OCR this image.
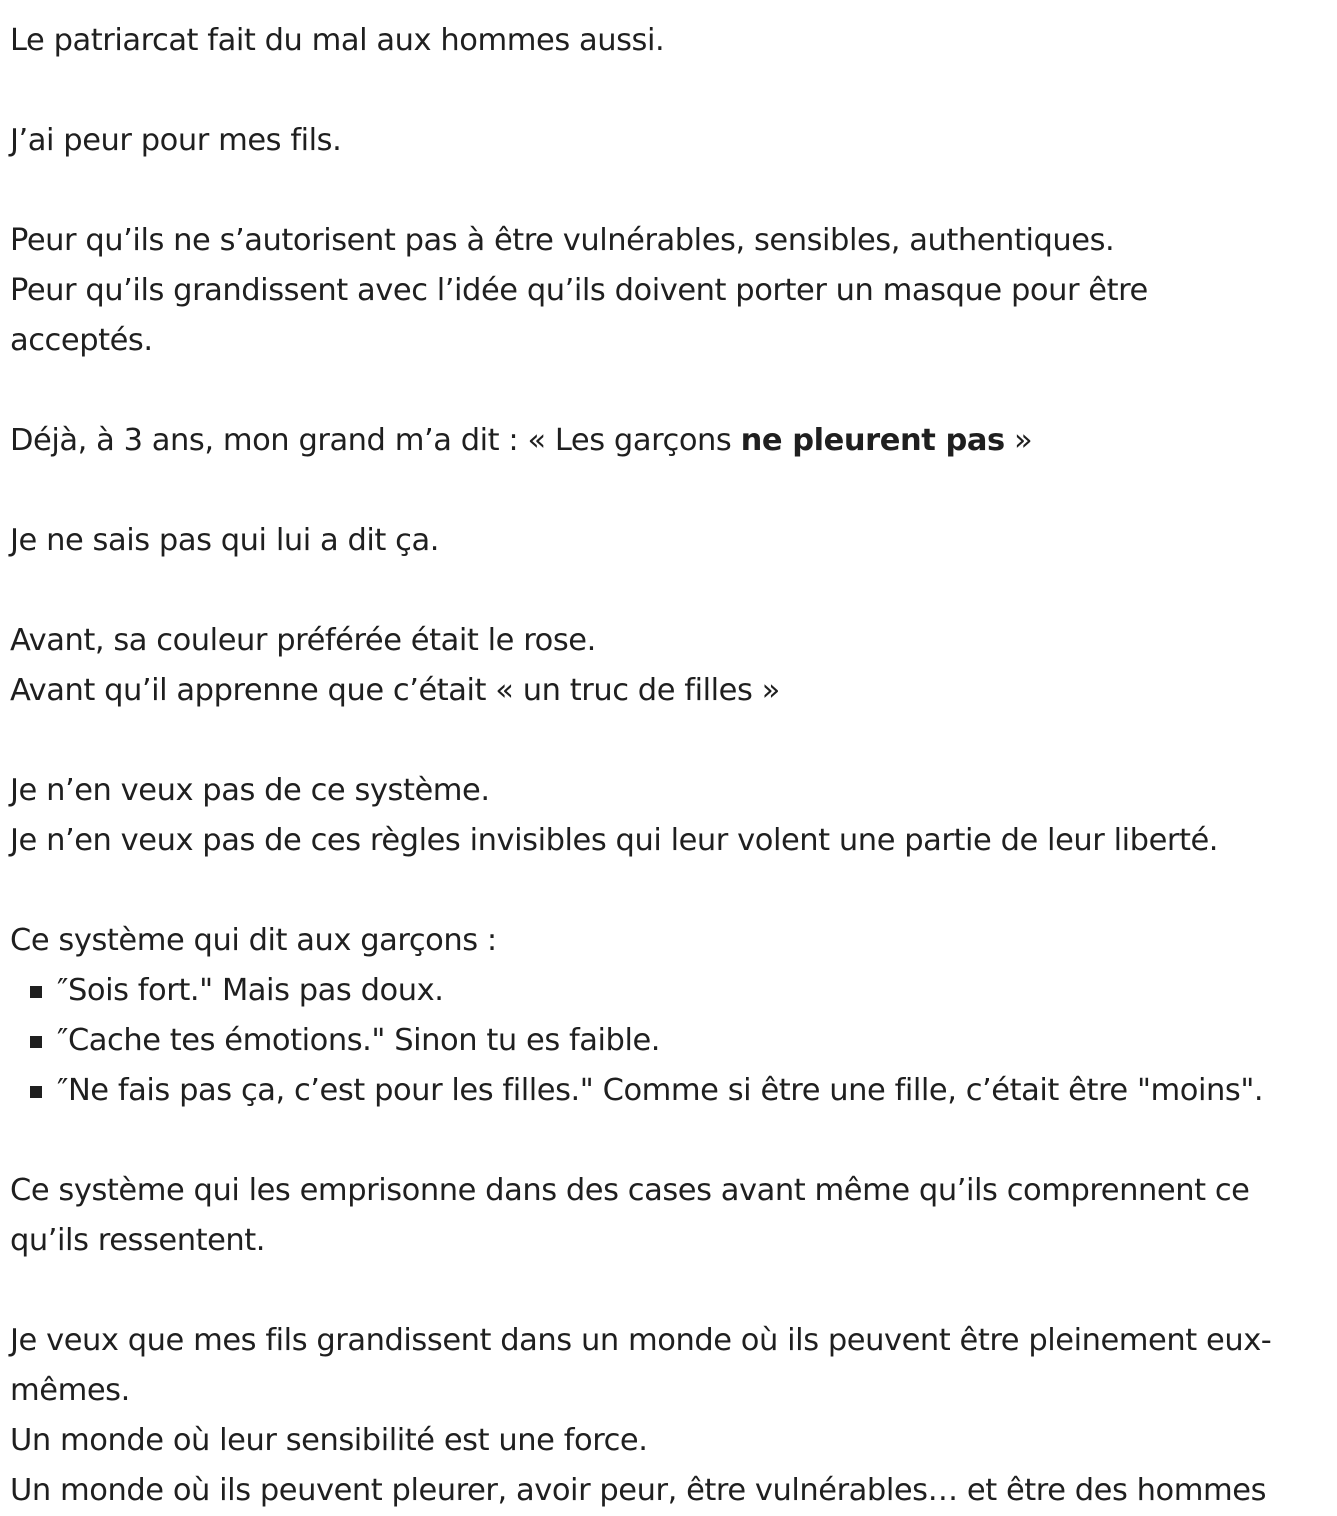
Le patriarcat fait du mal aux hommes aussi.
J’ai peur pour mes fils.
Peur qu’ils ne s’autorisent pas à être vulnérables, sensibles, authentiques.
Peur qu’ils grandissent avec l’idée qu’ils doivent porter un masque pour être
acceptés.
Déjà, à 3 ans, mon grand m’a dit : « Les garçons ne pleurent pas »
Je ne sais pas qui lui a dit ça.
Avant, sa couleur préférée était le rose.
Avant qu’il apprenne que c’était « un truc de filles »
Je n’en veux pas de ce système.
Je n’en veux pas de ces règles invisibles qui leur volent une partie de leur liberté.
Ce système qui dit aux garçons :
″Sois fort." Mais pas doux.
″Cache tes émotions." Sinon tu es faible.
″Ne fais pas ça, c’est pour les filles." Comme si être une fille, c’était être "moins".
Ce système qui les emprisonne dans des cases avant même qu’ils comprennent ce
qu’ils ressentent.
Je veux que mes fils grandissent dans un monde où ils peuvent être pleinement eux-
mêmes.
Un monde où leur sensibilité est une force.
Un monde où ils peuvent pleurer, avoir peur, être vulnérables… et être des hommes
